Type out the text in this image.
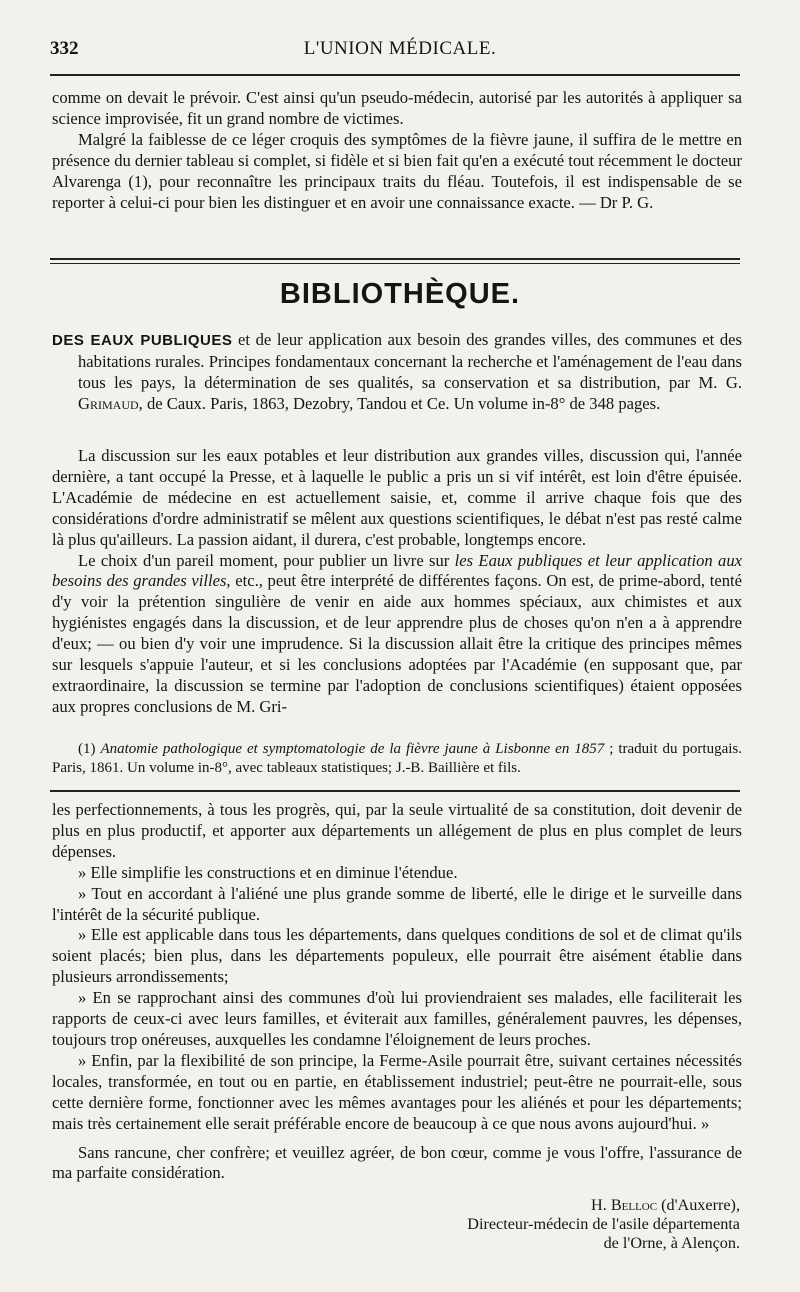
332	L'UNION MÉDICALE.

comme on devait le prévoir. C'est ainsi qu'un pseudo-médecin, autorisé par les autorités à appliquer sa science improvisée, fit un grand nombre de victimes.

Malgré la faiblesse de ce léger croquis des symptômes de la fièvre jaune, il suffira de le mettre en présence du dernier tableau si complet, si fidèle et si bien fait qu'en a exécuté tout récemment le docteur Alvarenga (1), pour reconnaître les principaux traits du fléau. Toutefois, il est indispensable de se reporter à celui-ci pour bien les distinguer et en avoir une connaissance exacte. — Dr P. G.

BIBLIOTHÈQUE.

DES EAUX PUBLIQUES et de leur application aux besoin des grandes villes, des communes et des habitations rurales. Principes fondamentaux concernant la recherche et l'aménagement de l'eau dans tous les pays, la détermination de ses qualités, sa conservation et sa distribution, par M. G. Grimaud, de Caux. Paris, 1863, Dezobry, Tandou et Ce. Un volume in-8° de 348 pages.

La discussion sur les eaux potables et leur distribution aux grandes villes, discussion qui, l'année dernière, a tant occupé la Presse, et à laquelle le public a pris un si vif intérêt, est loin d'être épuisée. L'Académie de médecine en est actuellement saisie, et, comme il arrive chaque fois que des considérations d'ordre administratif se mêlent aux questions scientifiques, le débat n'est pas resté calme là plus qu'ailleurs. La passion aidant, il durera, c'est probable, longtemps encore.

Le choix d'un pareil moment, pour publier un livre sur les Eaux publiques et leur application aux besoins des grandes villes, etc., peut être interprété de différentes façons. On est, de prime-abord, tenté d'y voir la prétention singulière de venir en aide aux hommes spéciaux, aux chimistes et aux hygiénistes engagés dans la discussion, et de leur apprendre plus de choses qu'on n'en a à apprendre d'eux; — ou bien d'y voir une imprudence. Si la discussion allait être la critique des principes mêmes sur lesquels s'appuie l'auteur, et si les conclusions adoptées par l'Académie (en supposant que, par extraordinaire, la discussion se termine par l'adoption de conclusions scientifiques) étaient opposées aux propres conclusions de M. Gri-

(1) Anatomie pathologique et symptomatologie de la fièvre jaune à Lisbonne en 1857 ; traduit du portugais. Paris, 1861. Un volume in-8°, avec tableaux statistiques; J.-B. Baillière et fils.

les perfectionnements, à tous les progrès, qui, par la seule virtualité de sa constitution, doit devenir de plus en plus productif, et apporter aux départements un allégement de plus en plus complet de leurs dépenses.

» Elle simplifie les constructions et en diminue l'étendue.

» Tout en accordant à l'aliéné une plus grande somme de liberté, elle le dirige et le surveille dans l'intérêt de la sécurité publique.

» Elle est applicable dans tous les départements, dans quelques conditions de sol et de climat qu'ils soient placés; bien plus, dans les départements populeux, elle pourrait être aisément établie dans plusieurs arrondissements;

» En se rapprochant ainsi des communes d'où lui proviendraient ses malades, elle faciliterait les rapports de ceux-ci avec leurs familles, et éviterait aux familles, généralement pauvres, les dépenses, toujours trop onéreuses, auxquelles les condamne l'éloignement de leurs proches.

» Enfin, par la flexibilité de son principe, la Ferme-Asile pourrait être, suivant certaines nécessités locales, transformée, en tout ou en partie, en établissement industriel; peut-être ne pourrait-elle, sous cette dernière forme, fonctionner avec les mêmes avantages pour les aliénés et pour les départements; mais très certainement elle serait préférable encore de beaucoup à ce que nous avons aujourd'hui. »

Sans rancune, cher confrère; et veuillez agréer, de bon cœur, comme je vous l'offre, l'assurance de ma parfaite considération.

H. Belloc (d'Auxerre),
Directeur-médecin de l'asile départementa
de l'Orne, à Alençon.
